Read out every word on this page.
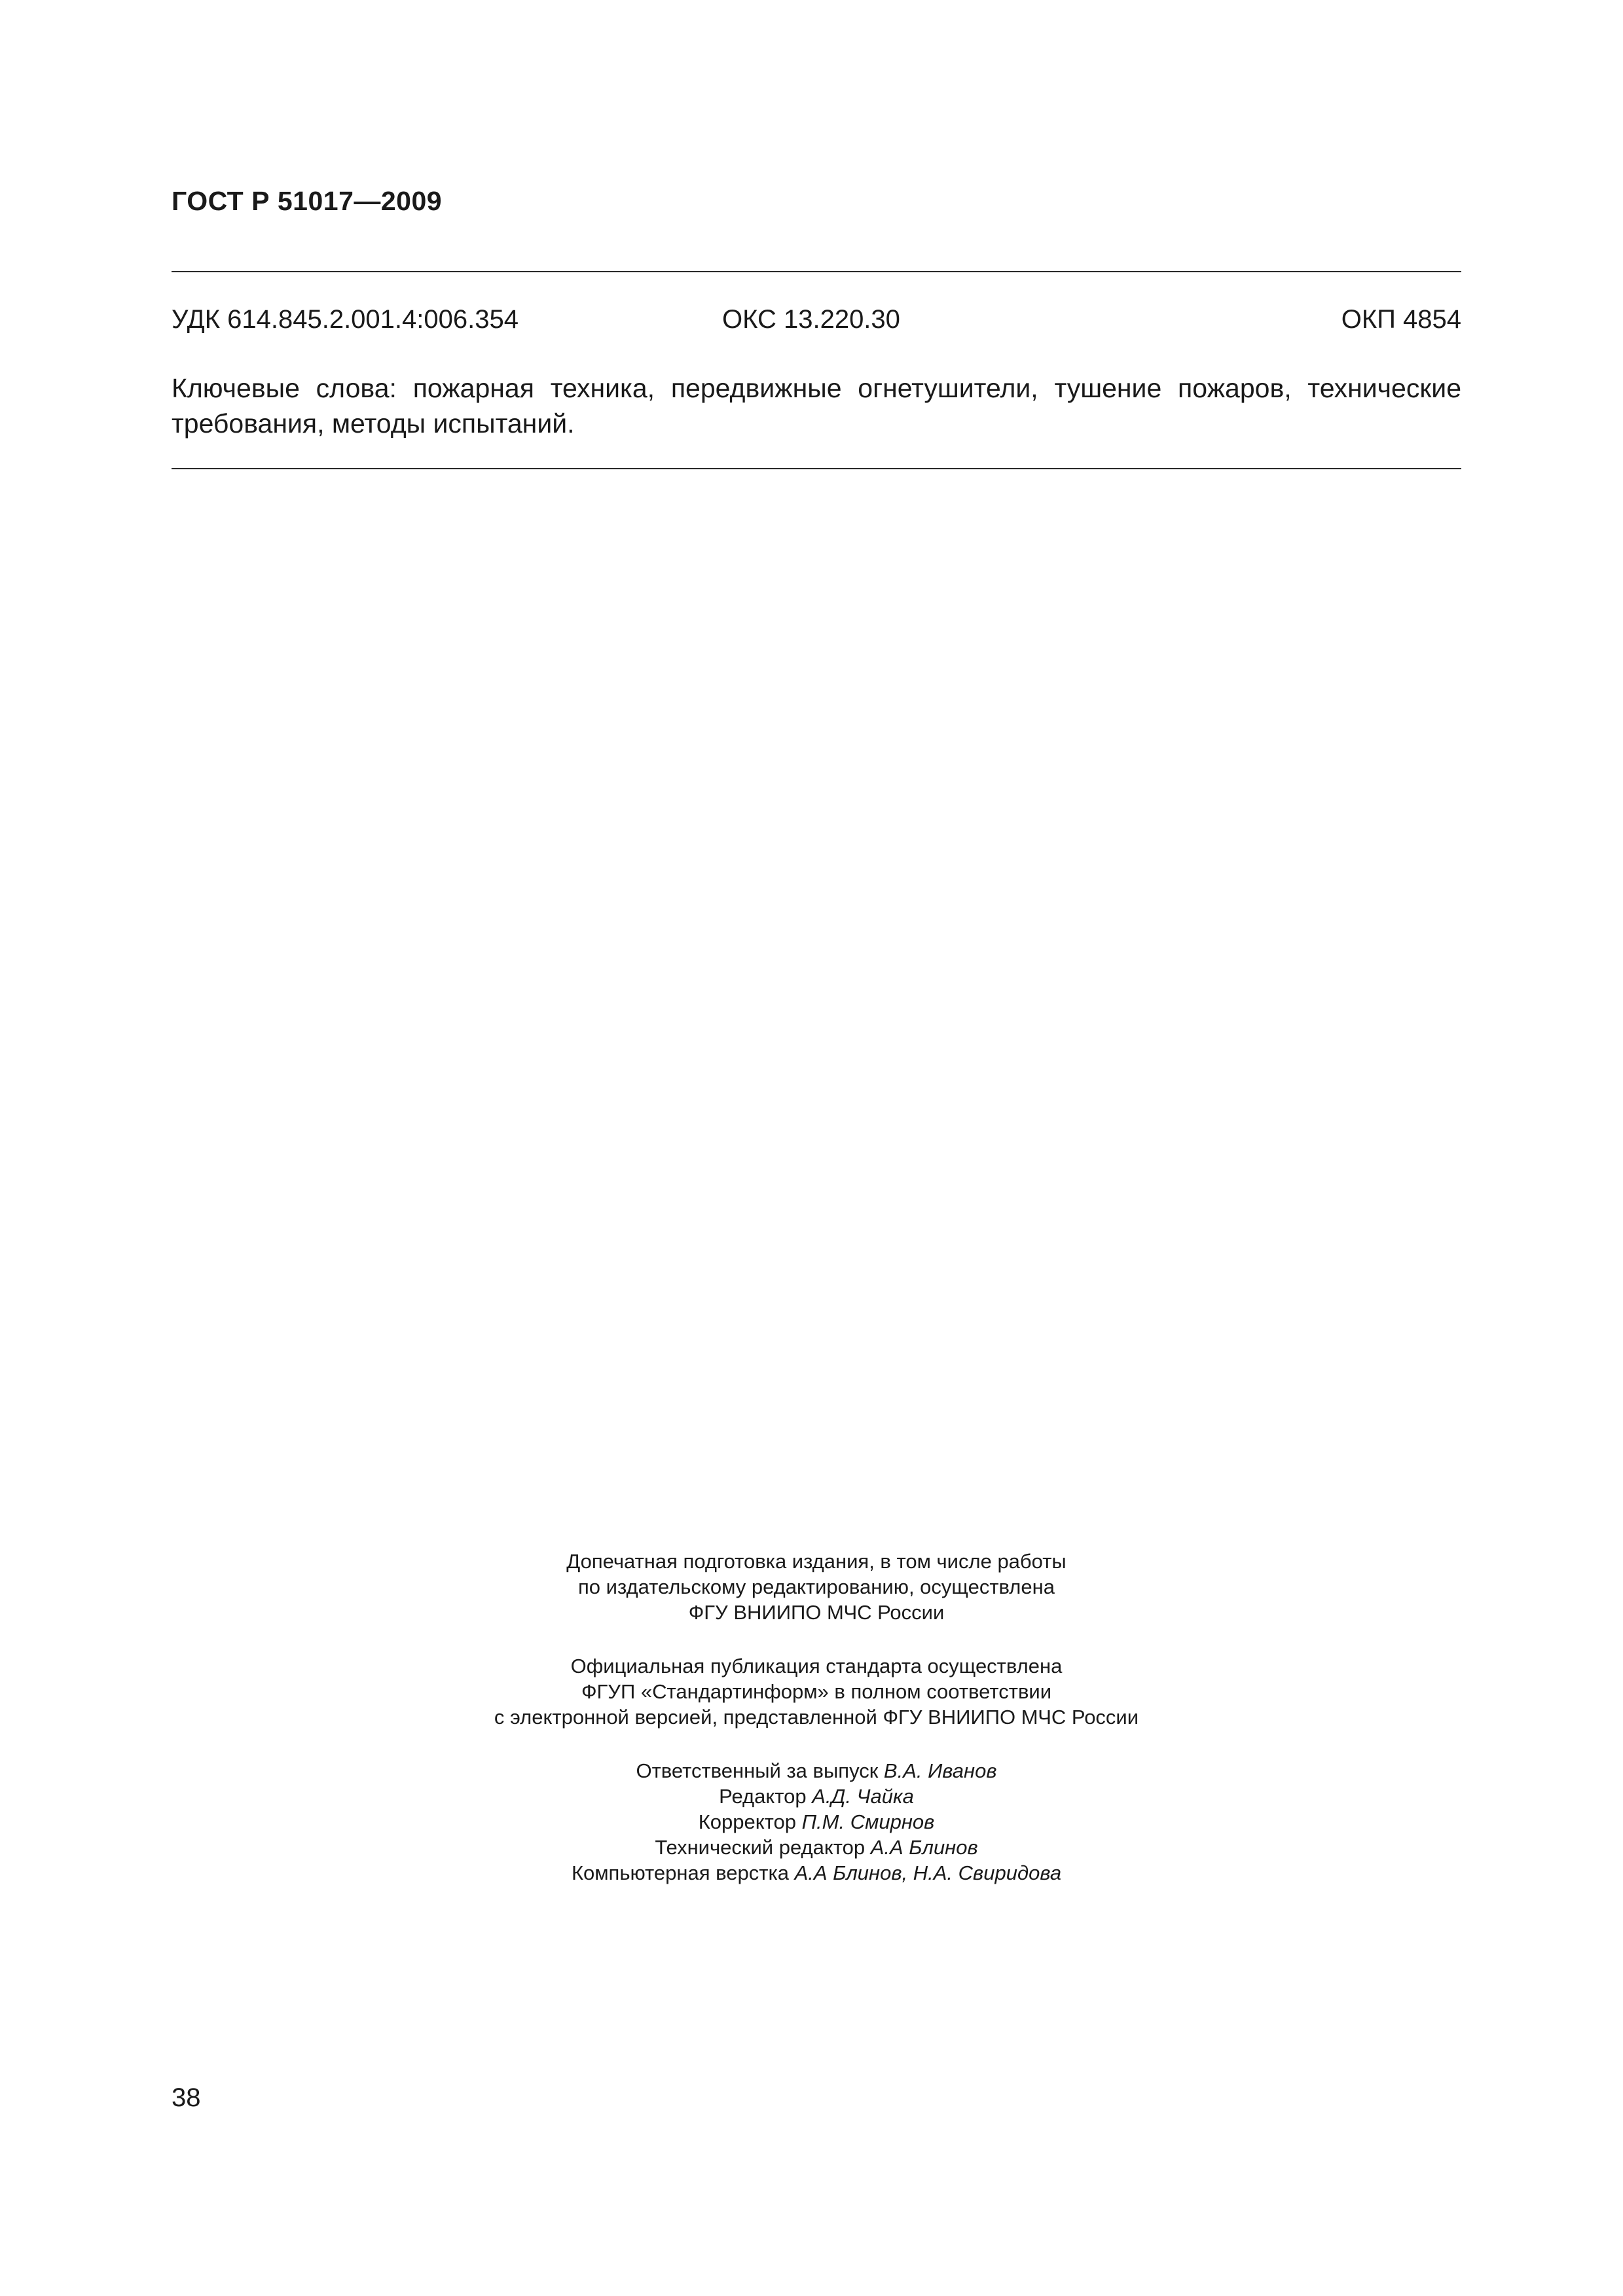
ГОСТ Р 51017—2009
УДК 614.845.2.001.4:006.354	ОКС 13.220.30	ОКП 4854
Ключевые слова: пожарная техника, передвижные огнетушители, тушение пожаров, технические требования, методы испытаний.
Допечатная подготовка издания, в том числе работы
по издательскому редактированию, осуществлена
ФГУ ВНИИПО МЧС России
Официальная публикация стандарта осуществлена
ФГУП «Стандартинформ» в полном соответствии
с электронной версией, представленной ФГУ ВНИИПО МЧС России
Ответственный за выпуск В.А. Иванов
Редактор А.Д. Чайка
Корректор П.М. Смирнов
Технический редактор А.А Блинов
Компьютерная верстка А.А Блинов, Н.А. Свиридова
38
